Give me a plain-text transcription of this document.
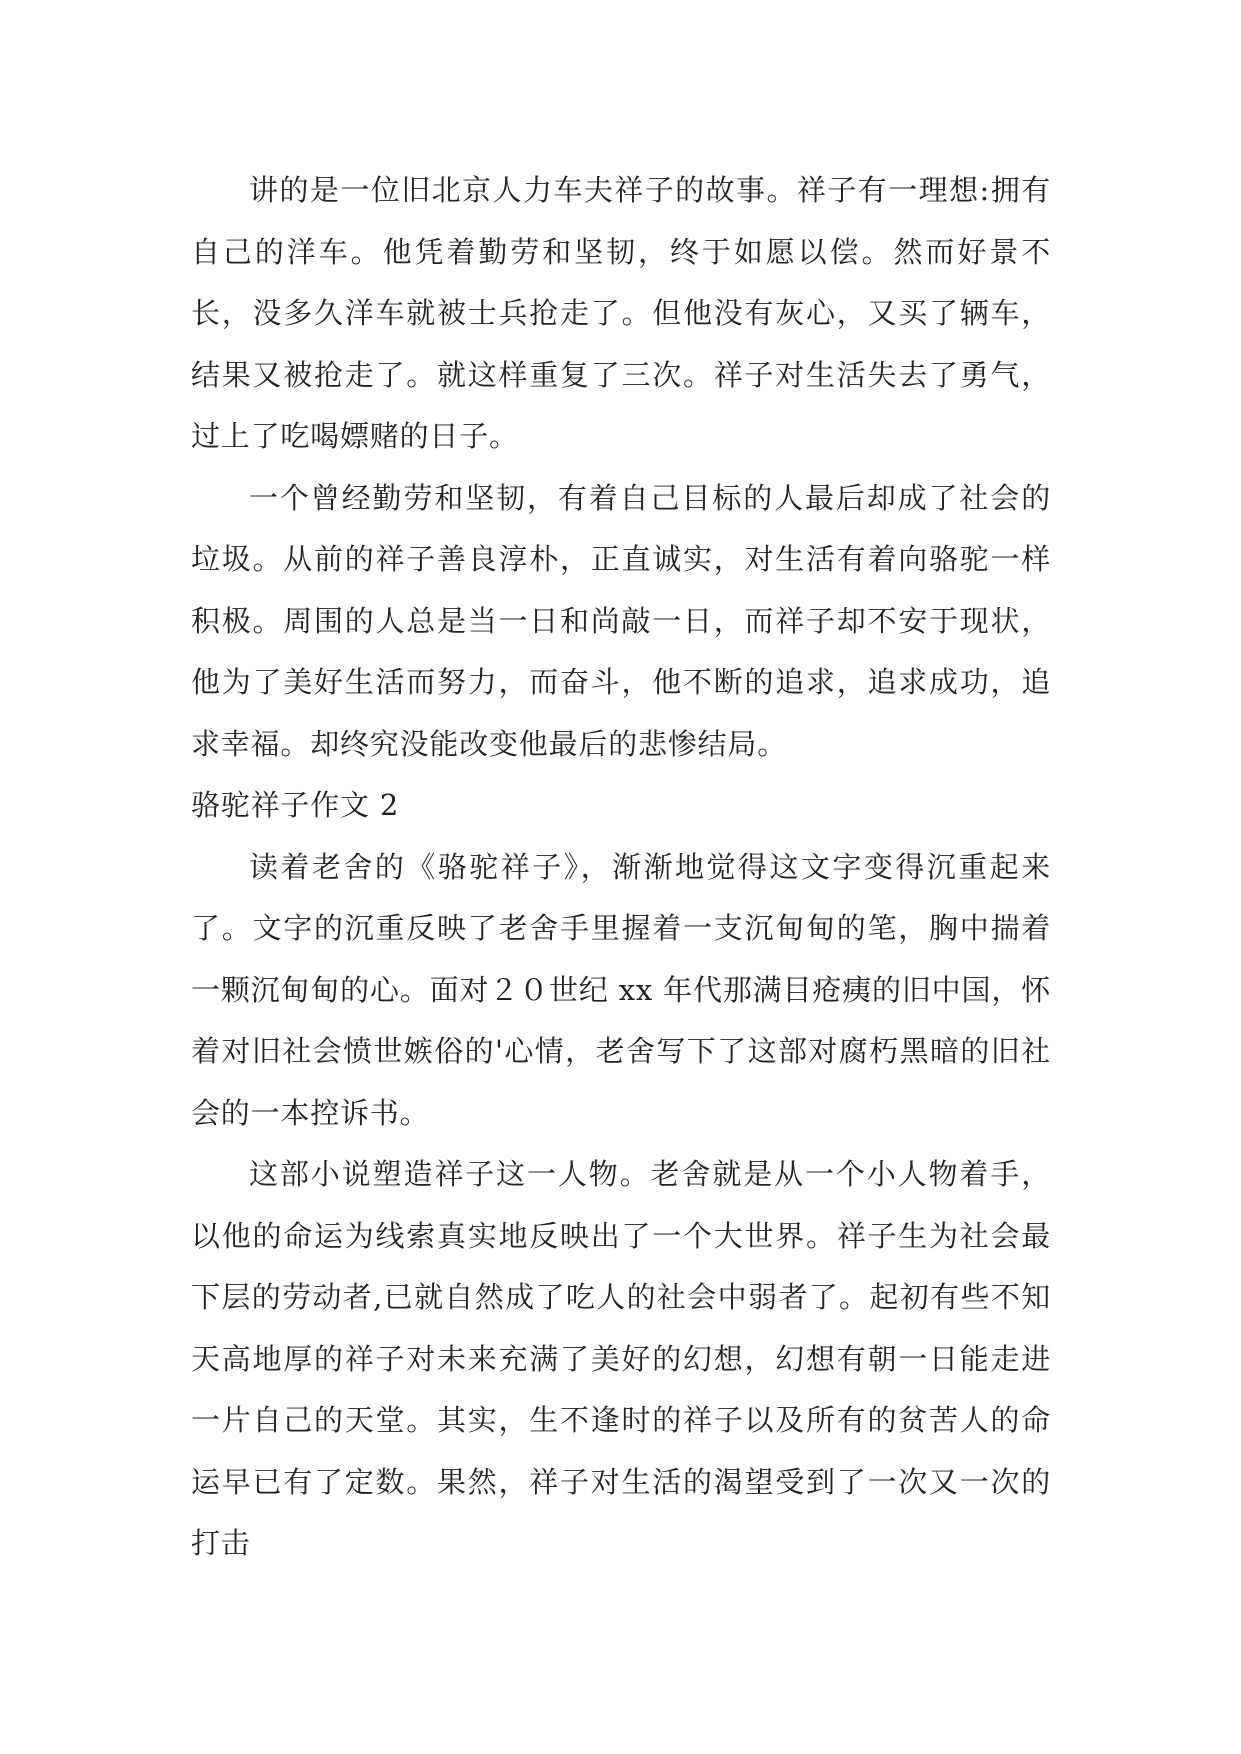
讲的是一位旧北京人力车夫祥子的故事。祥子有一理想:拥有自己的洋车。他凭着勤劳和坚韧，终于如愿以偿。然而好景不长，没多久洋车就被士兵抢走了。但他没有灰心，又买了辆车，结果又被抢走了。就这样重复了三次。祥子对生活失去了勇气，过上了吃喝嫖赌的日子。

一个曾经勤劳和坚韧，有着自己目标的人最后却成了社会的垃圾。从前的祥子善良淳朴，正直诚实，对生活有着向骆驼一样积极。周围的人总是当一日和尚敲一日，而祥子却不安于现状，他为了美好生活而努力，而奋斗，他不断的追求，追求成功，追求幸福。却终究没能改变他最后的悲惨结局。

骆驼祥子作文 2

读着老舍的《骆驼祥子》，渐渐地觉得这文字变得沉重起来了。文字的沉重反映了老舍手里握着一支沉甸甸的笔，胸中揣着一颗沉甸甸的心。面对２０世纪 xx 年代那满目疮痍的旧中国，怀着对旧社会愤世嫉俗的'心情，老舍写下了这部对腐朽黑暗的旧社会的一本控诉书。

这部小说塑造祥子这一人物。老舍就是从一个小人物着手，以他的命运为线索真实地反映出了一个大世界。祥子生为社会最下层的劳动者,已就自然成了吃人的社会中弱者了。起初有些不知天高地厚的祥子对未来充满了美好的幻想，幻想有朝一日能走进一片自己的天堂。其实，生不逢时的祥子以及所有的贫苦人的命运早已有了定数。果然，祥子对生活的渴望受到了一次又一次的打击
